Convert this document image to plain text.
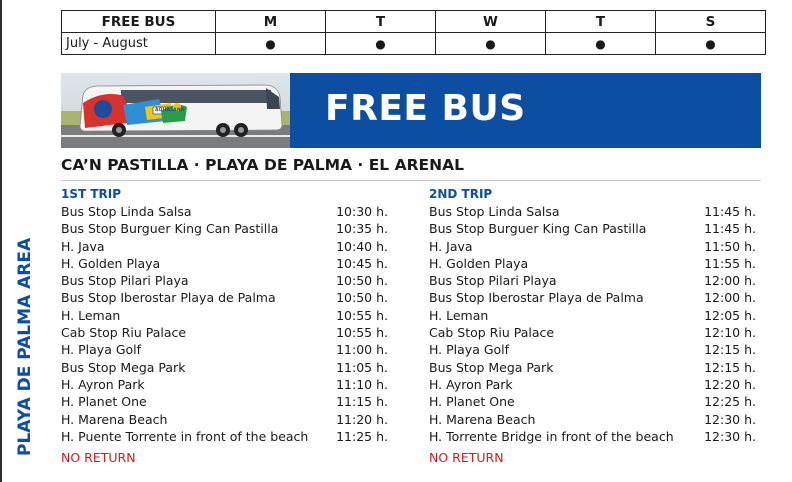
FREE BUS	M	T	W	T	S
July - August	●	●	●	●	●
AQUALAND	FREE BUS
CA’N PASTILLA · PLAYA DE PALMA · EL ARENAL
PLAYA DE PALMA AREA
1ST TRIP
Bus Stop Linda Salsa	10:30 h.
Bus Stop Burguer King Can Pastilla	10:35 h.
H. Java	10:40 h.
H. Golden Playa	10:45 h.
Bus Stop Pilari Playa	10:50 h.
Bus Stop Iberostar Playa de Palma	10:50 h.
H. Leman	10:55 h.
Cab Stop Riu Palace	10:55 h.
H. Playa Golf	11:00 h.
Bus Stop Mega Park	11:05 h.
H. Ayron Park	11:10 h.
H. Planet One	11:15 h.
H. Marena Beach	11:20 h.
H. Puente Torrente in front of the beach 11:25 h.
NO RETURN
2ND TRIP
Bus Stop Linda Salsa	11:45 h.
Bus Stop Burguer King Can Pastilla	11:45 h.
H. Java	11:50 h.
H. Golden Playa	11:55 h.
Bus Stop Pilari Playa	12:00 h.
Bus Stop Iberostar Playa de Palma	12:00 h.
H. Leman	12:05 h.
Cab Stop Riu Palace	12:10 h.
H. Playa Golf	12:15 h.
Bus Stop Mega Park	12:15 h.
H. Ayron Park	12:20 h.
H. Planet One	12:25 h.
H. Marena Beach	12:30 h.
H. Torrente Bridge in front of the beach 12:30 h.
NO RETURN
